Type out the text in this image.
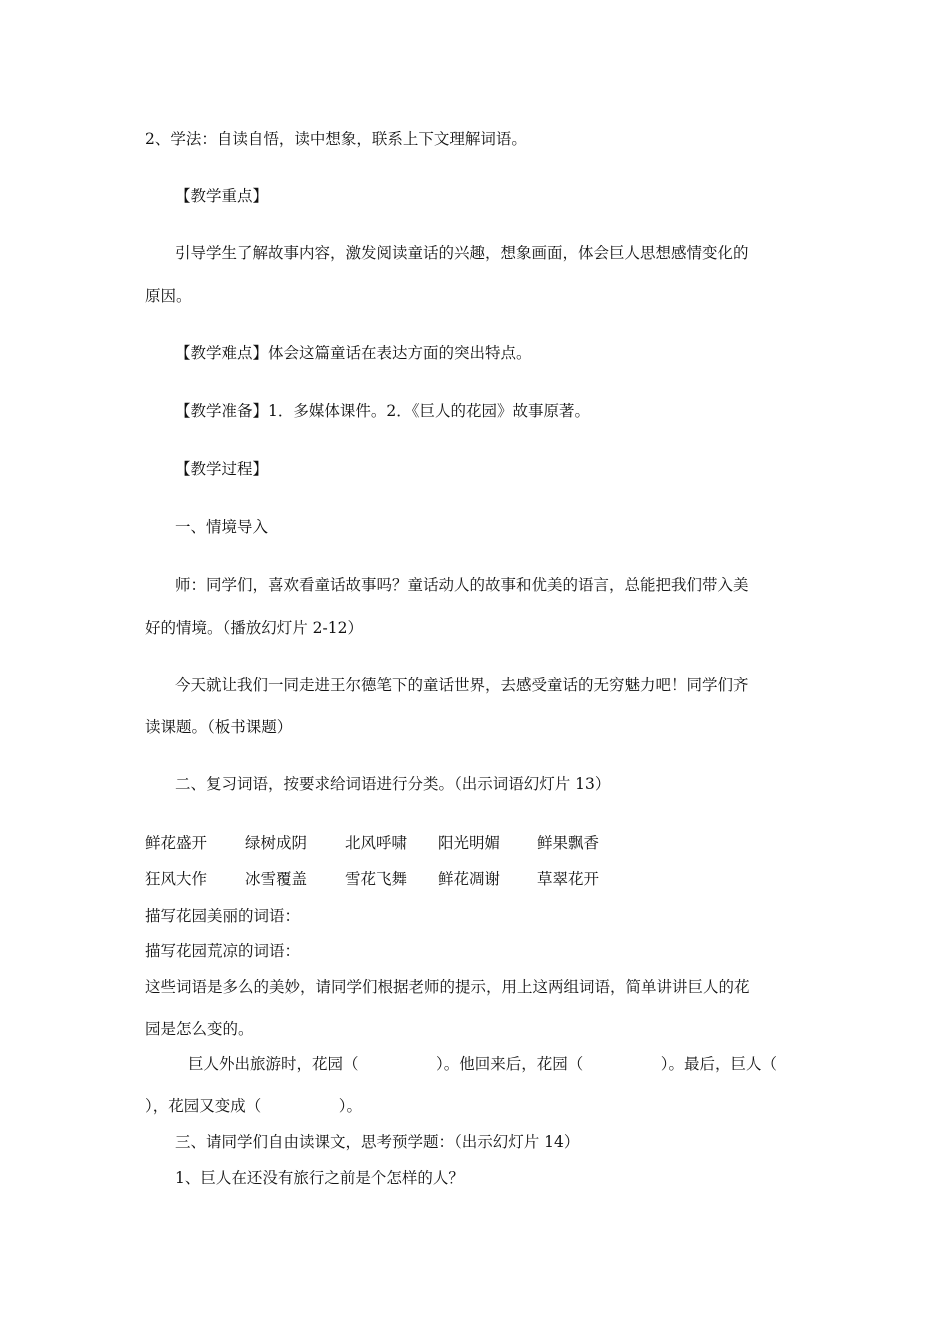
2、学法：自读自悟，读中想象，联系上下文理解词语。

【教学重点】

引导学生了解故事内容，激发阅读童话的兴趣，想象画面，体会巨人思想感情变化的

原因。

【教学难点】体会这篇童话在表达方面的突出特点。

【教学准备】1．多媒体课件。2．《巨人的花园》故事原著。

【教学过程】

一、情境导入

师：同学们，喜欢看童话故事吗？童话动人的故事和优美的语言，总能把我们带入美

好的情境。（播放幻灯片 2-12）

今天就让我们一同走进王尔德笔下的童话世界，去感受童话的无穷魅力吧！同学们齐

读课题。（板书课题）

二、复习词语，按要求给词语进行分类。（出示词语幻灯片 13）

鲜花盛开 绿树成阴 北风呼啸 阳光明媚 鲜果飘香
狂风大作 冰雪覆盖 雪花飞舞 鲜花凋谢 草翠花开

描写花园美丽的词语：

描写花园荒凉的词语：

这些词语是多么的美妙，请同学们根据老师的提示，用上这两组词语，简单讲讲巨人的花

园是怎么变的。

巨人外出旅游时，花园（　　　　　）。他回来后，花园（　　　　　）。最后，巨人（

），花园又变成（　　　　　）。

三、请同学们自由读课文，思考预学题：（出示幻灯片 14）

1、巨人在还没有旅行之前是个怎样的人？
